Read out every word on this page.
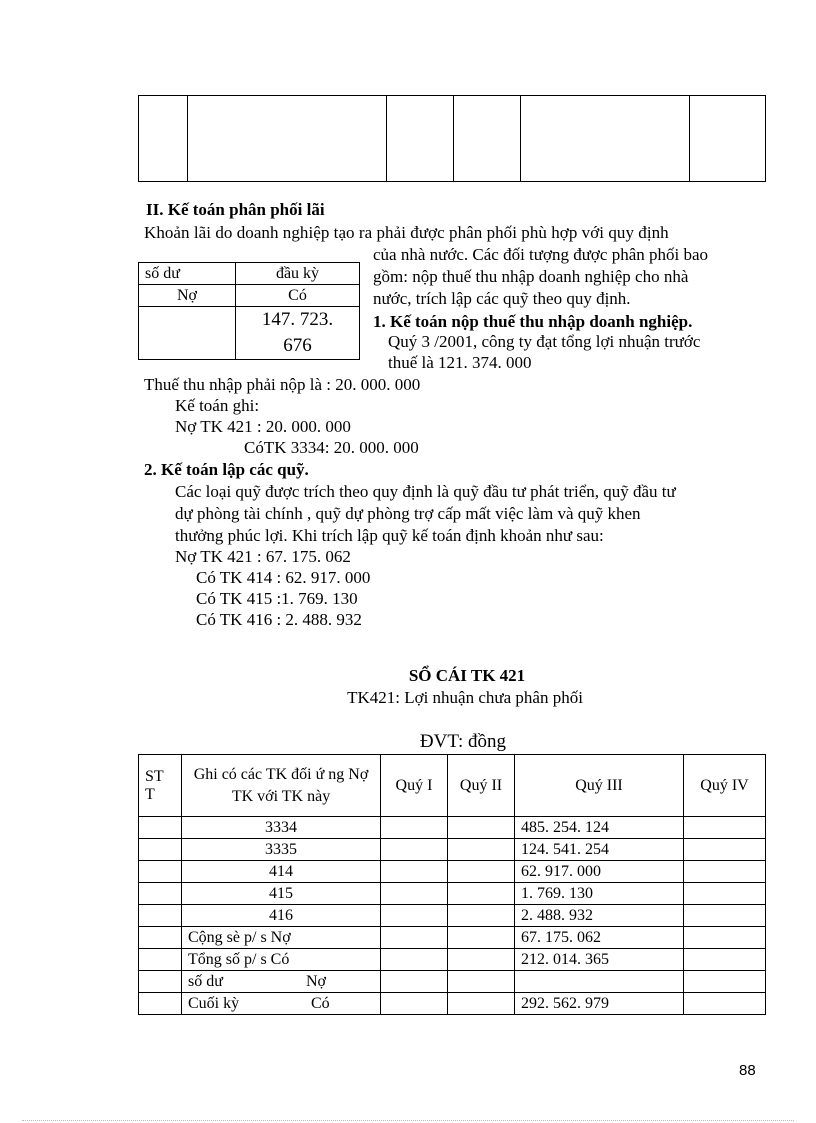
II. Kế toán phân phối lãi
Khoản lãi do doanh nghiệp tạo ra phải được phân phối phù hợp với quy định
của nhà nước. Các đối tượng được phân phối bao
gồm: nộp thuế thu nhập doanh nghiệp cho nhà
nước, trích lập các quỹ theo quy định.
số dư	đầu kỳ
Nợ	Có

	147. 723.
676
1. Kế toán nộp thuế thu nhập doanh nghiệp.
Quý 3 /2001, công ty đạt tổng lợi nhuận trước
thuế là 121. 374. 000
Thuế thu nhập phải nộp là : 20. 000. 000
Kế toán ghi:
Nợ TK 421 : 20. 000. 000
CóTK 3334: 20. 000. 000
2. Kế toán lập các quỹ.
Các loại quỹ được trích theo quy định là quỹ đầu tư phát triển, quỹ đầu tư
dự phòng tài chính , quỹ dự phòng trợ cấp mất việc làm và quỹ khen
thưởng phúc lợi. Khi trích lập quỹ kế toán định khoản như sau:
Nợ TK 421 : 67. 175. 062
Có TK 414 : 62. 917. 000
Có TK 415 :1. 769. 130
Có TK 416 : 2. 488. 932
SỔ CÁI TK 421
TK421: Lợi nhuận chưa phân phối
ĐVT: đồng
ST T	Ghi có các TK đối ứ ng Nợ TK với TK này	Quý I	Quý II	Quý III	Quý IV
	3334			485. 254. 124	
	3335			124. 541. 254	
	414			62. 917. 000	
	415			1. 769. 130	
	416			2. 488. 932	
	Cộng sè p/ s Nợ			67. 175. 062	
	Tổng số p/ s Có			212. 014. 365	
	số dư Nợ				
	Cuối kỳ Có			292. 562. 979	
88
